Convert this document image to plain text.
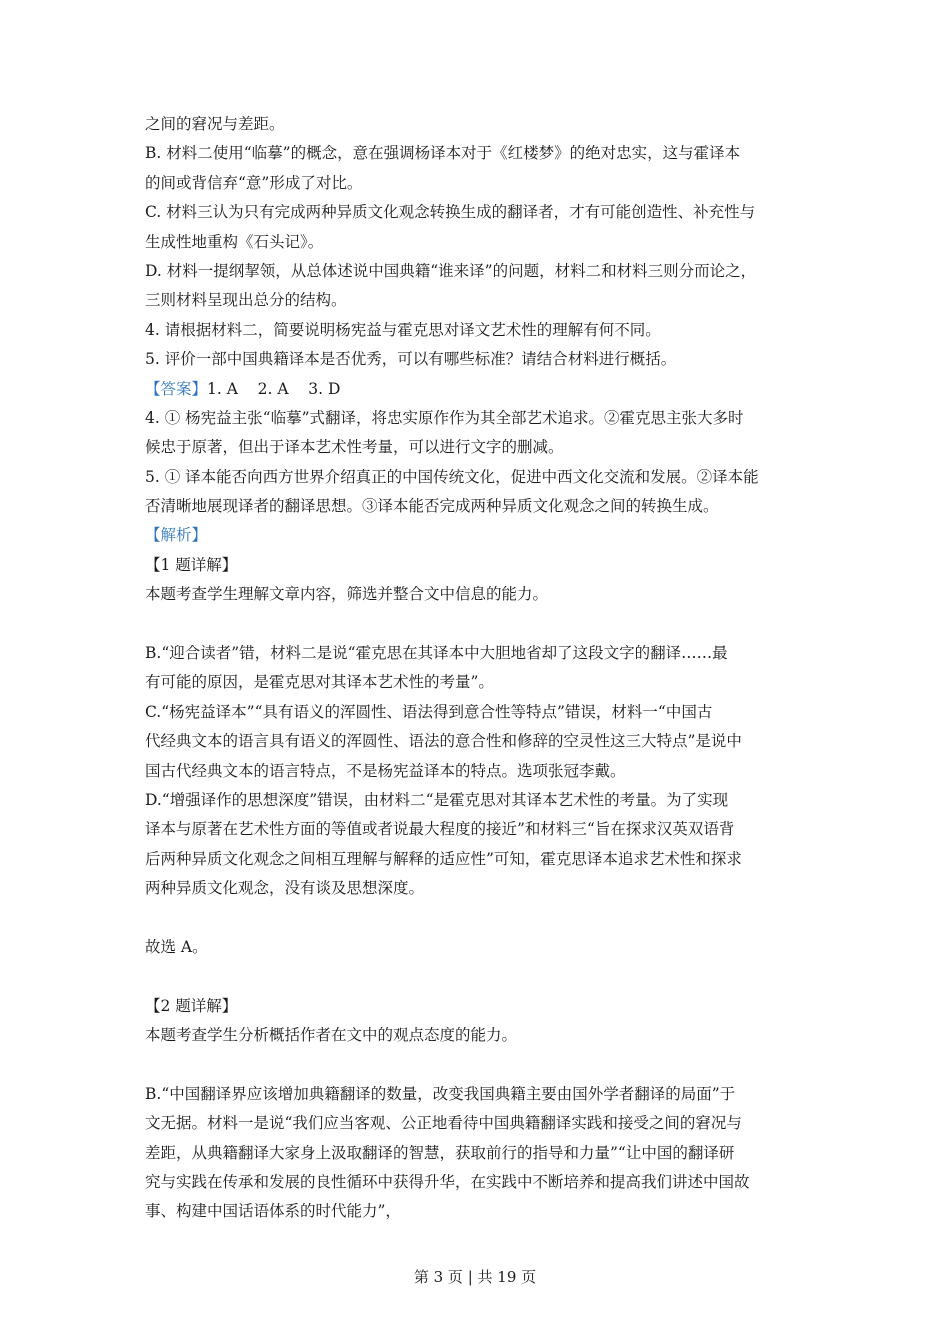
之间的窘况与差距。
B. 材料二使用“临摹”的概念，意在强调杨译本对于《红楼梦》的绝对忠实，这与霍译本
的间或背信弃“意”形成了对比。
C. 材料三认为只有完成两种异质文化观念转换生成的翻译者，才有可能创造性、补充性与
生成性地重构《石头记》。
D. 材料一提纲挈领，从总体述说中国典籍“谁来译”的问题，材料二和材料三则分而论之，
三则材料呈现出总分的结构。
4. 请根据材料二，简要说明杨宪益与霍克思对译文艺术性的理解有何不同。
5. 评价一部中国典籍译本是否优秀，可以有哪些标准？请结合材料进行概括。
【答案】1. A    2. A    3. D
4. ① 杨宪益主张“临摹”式翻译，将忠实原作作为其全部艺术追求。②霍克思主张大多时
候忠于原著，但出于译本艺术性考量，可以进行文字的删减。
5. ① 译本能否向西方世界介绍真正的中国传统文化，促进中西文化交流和发展。②译本能
否清晰地展现译者的翻译思想。③译本能否完成两种异质文化观念之间的转换生成。
【解析】
【1 题详解】
本题考查学生理解文章内容，筛选并整合文中信息的能力。
B.“迎合读者”错，材料二是说“霍克思在其译本中大胆地省却了这段文字的翻译……最
有可能的原因，是霍克思对其译本艺术性的考量”。
C.“杨宪益译本”“具有语义的浑圆性、语法得到意合性等特点”错误，材料一“中国古
代经典文本的语言具有语义的浑圆性、语法的意合性和修辞的空灵性这三大特点”是说中
国古代经典文本的语言特点，不是杨宪益译本的特点。选项张冠李戴。
D.“增强译作的思想深度”错误，由材料二“是霍克思对其译本艺术性的考量。为了实现
译本与原著在艺术性方面的等值或者说最大程度的接近”和材料三“旨在探求汉英双语背
后两种异质文化观念之间相互理解与解释的适应性”可知，霍克思译本追求艺术性和探求
两种异质文化观念，没有谈及思想深度。
故选 A。
【2 题详解】
本题考查学生分析概括作者在文中的观点态度的能力。
B.“中国翻译界应该增加典籍翻译的数量，改变我国典籍主要由国外学者翻译的局面”于
文无据。材料一是说“我们应当客观、公正地看待中国典籍翻译实践和接受之间的窘况与
差距，从典籍翻译大家身上汲取翻译的智慧，获取前行的指导和力量”“让中国的翻译研
究与实践在传承和发展的良性循环中获得升华，在实践中不断培养和提高我们讲述中国故
事、构建中国话语体系的时代能力”，
第 3 页 | 共 19 页
